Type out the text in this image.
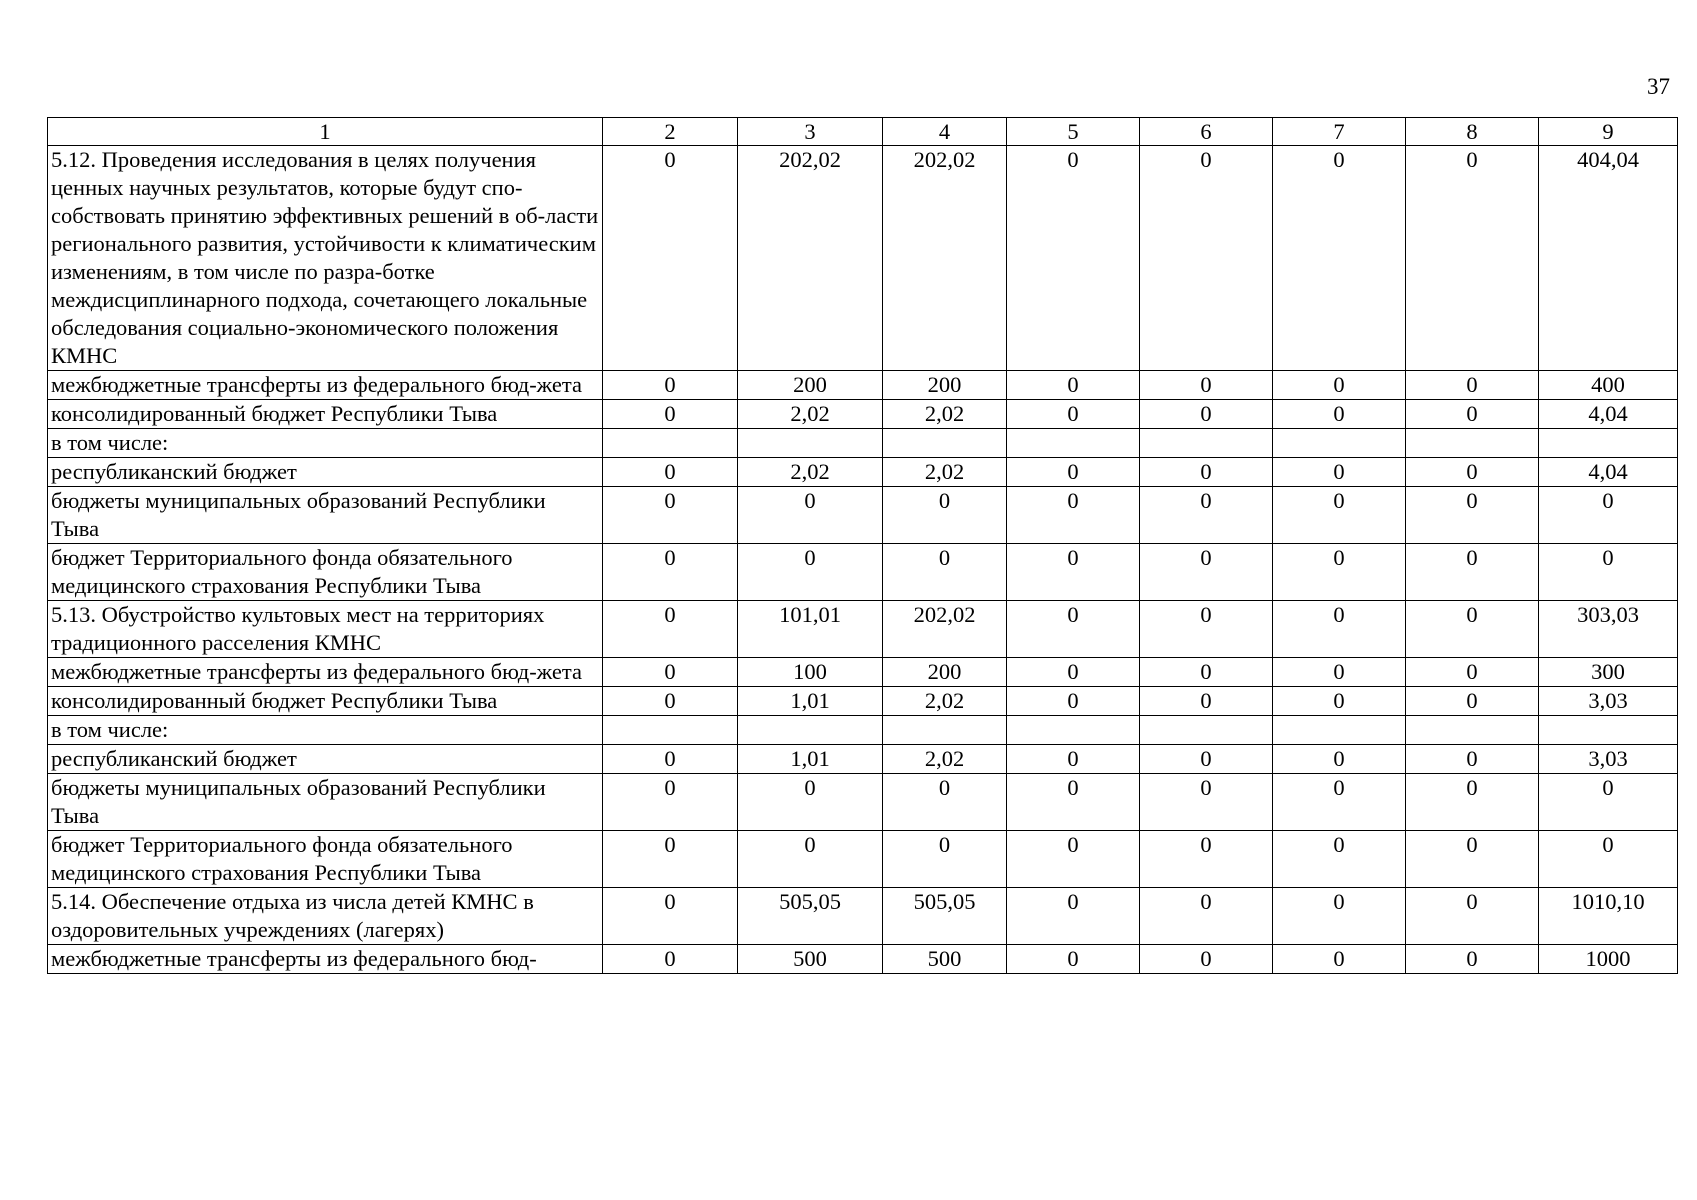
37
1	2	3	4	5	6	7	8	9
5.12. Проведения исследования в целях получения ценных научных результатов, которые будут спо-собствовать принятию эффективных решений в об-ласти регионального развития, устойчивости к климатическим изменениям, в том числе по разра-ботке междисциплинарного подхода, сочетающего локальные обследования социально-экономического положения КМНС	0	202,02	202,02	0	0	0	0	404,04
межбюджетные трансферты из федерального бюд-жета	0	200	200	0	0	0	0	400
консолидированный бюджет Республики Тыва	0	2,02	2,02	0	0	0	0	4,04
в том числе:								
республиканский бюджет	0	2,02	2,02	0	0	0	0	4,04
бюджеты муниципальных образований Республики Тыва	0	0	0	0	0	0	0	0
бюджет Территориального фонда обязательного медицинского страхования Республики Тыва	0	0	0	0	0	0	0	0
5.13. Обустройство культовых мест на территориях традиционного расселения КМНС	0	101,01	202,02	0	0	0	0	303,03
межбюджетные трансферты из федерального бюд-жета	0	100	200	0	0	0	0	300
консолидированный бюджет Республики Тыва	0	1,01	2,02	0	0	0	0	3,03
в том числе:								
республиканский бюджет	0	1,01	2,02	0	0	0	0	3,03
бюджеты муниципальных образований Республики Тыва	0	0	0	0	0	0	0	0
бюджет Территориального фонда обязательного медицинского страхования Республики Тыва	0	0	0	0	0	0	0	0
5.14. Обеспечение отдыха из числа детей КМНС в оздоровительных учреждениях (лагерях)	0	505,05	505,05	0	0	0	0	1010,10
межбюджетные трансферты из федерального бюд-	0	500	500	0	0	0	0	1000
